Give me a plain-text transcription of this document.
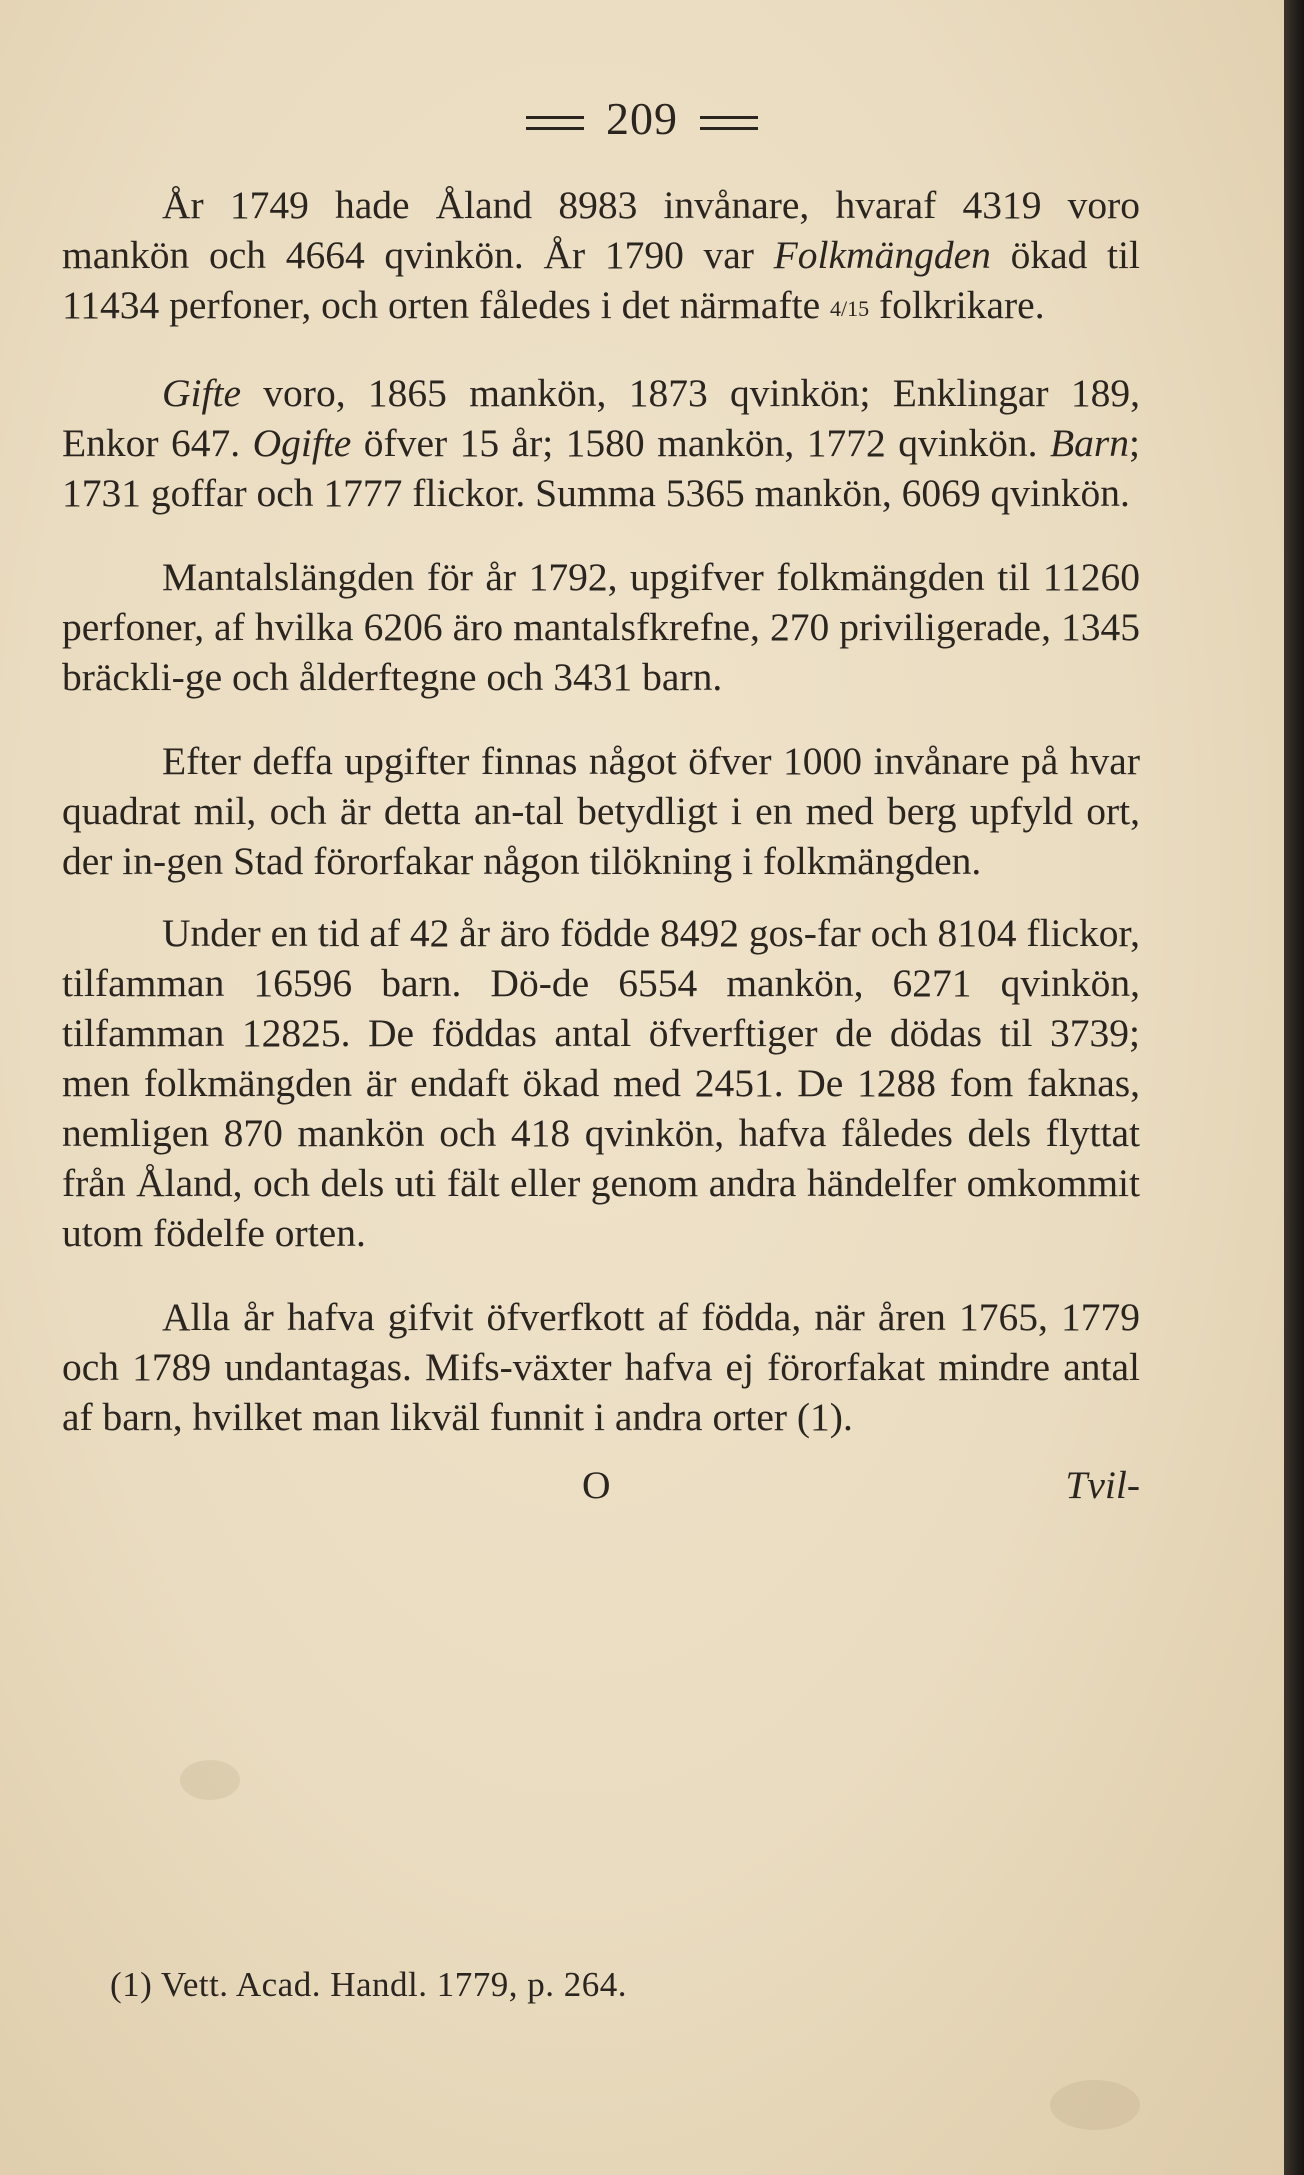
209

År 1749 hade Åland 8983 invånare, hvaraf 4319 voro mankön och 4664 qvinkön. År 1790 var Folkmängden ökad til 11434 perfoner, och orten fåledes i det närmafte 4/15 folkrikare.

Gifte voro, 1865 mankön, 1873 qvinkön; Enklingar 189, Enkor 647. Ogifte öfver 15 år; 1580 mankön, 1772 qvinkön. Barn; 1731 goffar och 1777 flickor. Summa 5365 mankön, 6069 qvinkön.

Mantalslängden för år 1792, upgifver folkmängden til 11260 perfoner, af hvilka 6206 äro mantalsfkrefne, 270 priviligerade, 1345 bräckli-ge och ålderftegne och 3431 barn.

Efter deffa upgifter finnas något öfver 1000 invånare på hvar quadrat mil, och är detta an-tal betydligt i en med berg upfyld ort, der in-gen Stad förorfakar någon tilökning i folkmängden.

Under en tid af 42 år äro födde 8492 gos-far och 8104 flickor, tilfamman 16596 barn. Dö-de 6554 mankön, 6271 qvinkön, tilfamman 12825. De föddas antal öfverftiger de dödas til 3739; men folkmängden är endaft ökad med 2451. De 1288 fom faknas, nemligen 870 mankön och 418 qvinkön, hafva fåledes dels flyttat från Åland, och dels uti fält eller genom andra händelfer omkommit utom födelfe orten.

Alla år hafva gifvit öfverfkott af födda, när åren 1765, 1779 och 1789 undantagas. Mifs-växter hafva ej förorfakat mindre antal af barn, hvilket man likväl funnit i andra orter (1).

O	Tvil-
(1) Vett. Acad. Handl. 1779, p. 264.
